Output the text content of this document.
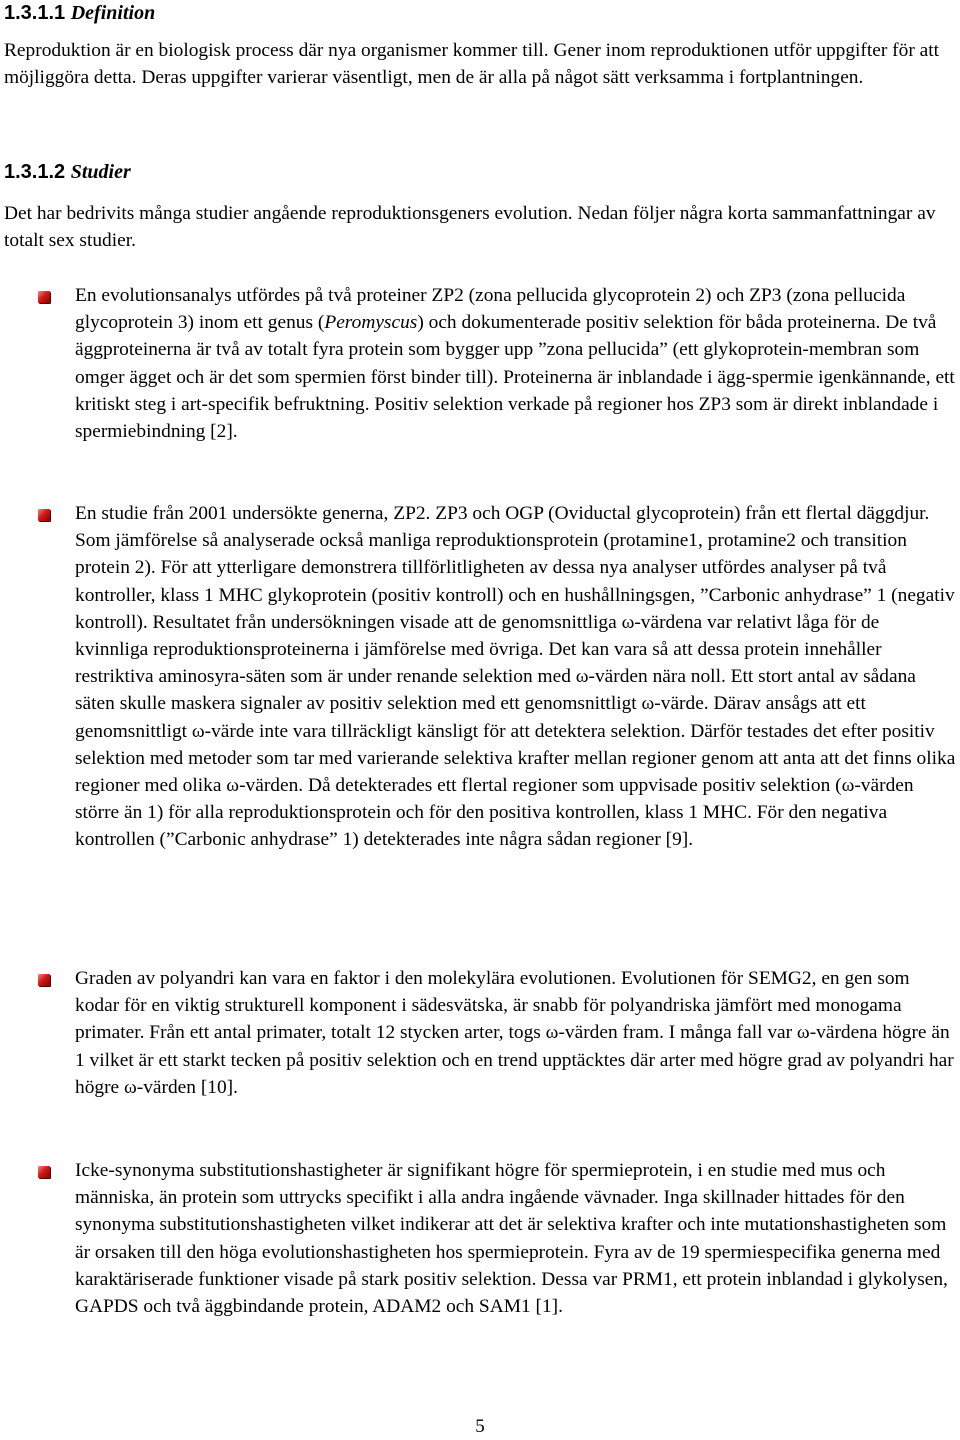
1.3.1.1 Definition

Reproduktion är en biologisk process där nya organismer kommer till. Gener inom reproduktionen utför uppgifter för att möjliggöra detta. Deras uppgifter varierar väsentligt, men de är alla på något sätt verksamma i fortplantningen.

1.3.1.2 Studier

Det har bedrivits många studier angående reproduktionsgeners evolution. Nedan följer några korta sammanfattningar av totalt sex studier.

En evolutionsanalys utfördes på två proteiner ZP2 (zona pellucida glycoprotein 2) och ZP3 (zona pellucida glycoprotein 3) inom ett genus (Peromyscus) och dokumenterade positiv selektion för båda proteinerna. De två äggproteinerna är två av totalt fyra protein som bygger upp ”zona pellucida” (ett glykoprotein-membran som omger ägget och är det som spermien först binder till). Proteinerna är inblandade i ägg-spermie igenkännande, ett kritiskt steg i art-specifik befruktning. Positiv selektion verkade på regioner hos ZP3 som är direkt inblandade i spermiebindning [2].

En studie från 2001 undersökte generna, ZP2. ZP3 och OGP (Oviductal glycoprotein) från ett flertal däggdjur. Som jämförelse så analyserade också manliga reproduktionsprotein (protamine1, protamine2 och transition protein 2). För att ytterligare demonstrera tillförlitligheten av dessa nya analyser utfördes analyser på två kontroller, klass 1 MHC glykoprotein (positiv kontroll) och en hushållningsgen, ”Carbonic anhydrase” 1 (negativ kontroll). Resultatet från undersökningen visade att de genomsnittliga ω-värdena var relativt låga för de kvinnliga reproduktionsproteinerna i jämförelse med övriga. Det kan vara så att dessa protein innehåller restriktiva aminosyra-säten som är under renande selektion med ω-värden nära noll. Ett stort antal av sådana säten skulle maskera signaler av positiv selektion med ett genomsnittligt ω-värde. Därav ansågs att ett genomsnittligt ω-värde inte vara tillräckligt känsligt för att detektera selektion. Därför testades det efter positiv selektion med metoder som tar med varierande selektiva krafter mellan regioner genom att anta att det finns olika regioner med olika ω-värden. Då detekterades ett flertal regioner som uppvisade positiv selektion (ω-värden större än 1) för alla reproduktionsprotein och för den positiva kontrollen, klass 1 MHC. För den negativa kontrollen (”Carbonic anhydrase” 1) detekterades inte några sådan regioner [9].

Graden av polyandri kan vara en faktor i den molekylära evolutionen. Evolutionen för SEMG2, en gen som kodar för en viktig strukturell komponent i sädesvätska, är snabb för polyandriska jämfört med monogama primater. Från ett antal primater, totalt 12 stycken arter, togs ω-värden fram. I många fall var ω-värdena högre än 1 vilket är ett starkt tecken på positiv selektion och en trend upptäcktes där arter med högre grad av polyandri har högre ω-värden [10].

Icke-synonyma substitutionshastigheter är signifikant högre för spermieprotein, i en studie med mus och människa, än protein som uttrycks specifikt i alla andra ingående vävnader. Inga skillnader hittades för den synonyma substitutionshastigheten vilket indikerar att det är selektiva krafter och inte mutationshastigheten som är orsaken till den höga evolutionshastigheten hos spermieprotein. Fyra av de 19 spermiespecifika generna med karaktäriserade funktioner visade på stark positiv selektion. Dessa var PRM1, ett protein inblandad i glykolysen, GAPDS och två äggbindande protein, ADAM2 och SAM1 [1].

5
